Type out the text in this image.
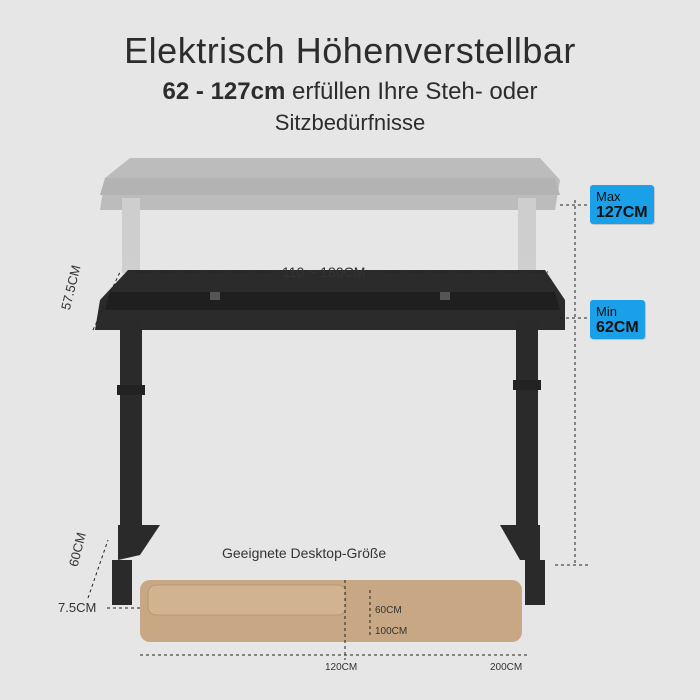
Elektrisch Höhenverstellbar
62 - 127cm erfüllen Ihre Steh- oder
Sitzbedürfnisse
Max
127CM
Min
62CM
110 ~ 180CM
57.5CM
60CM
7.5CM
Geeignete Desktop-Größe
60CM
100CM
120CM	200CM
